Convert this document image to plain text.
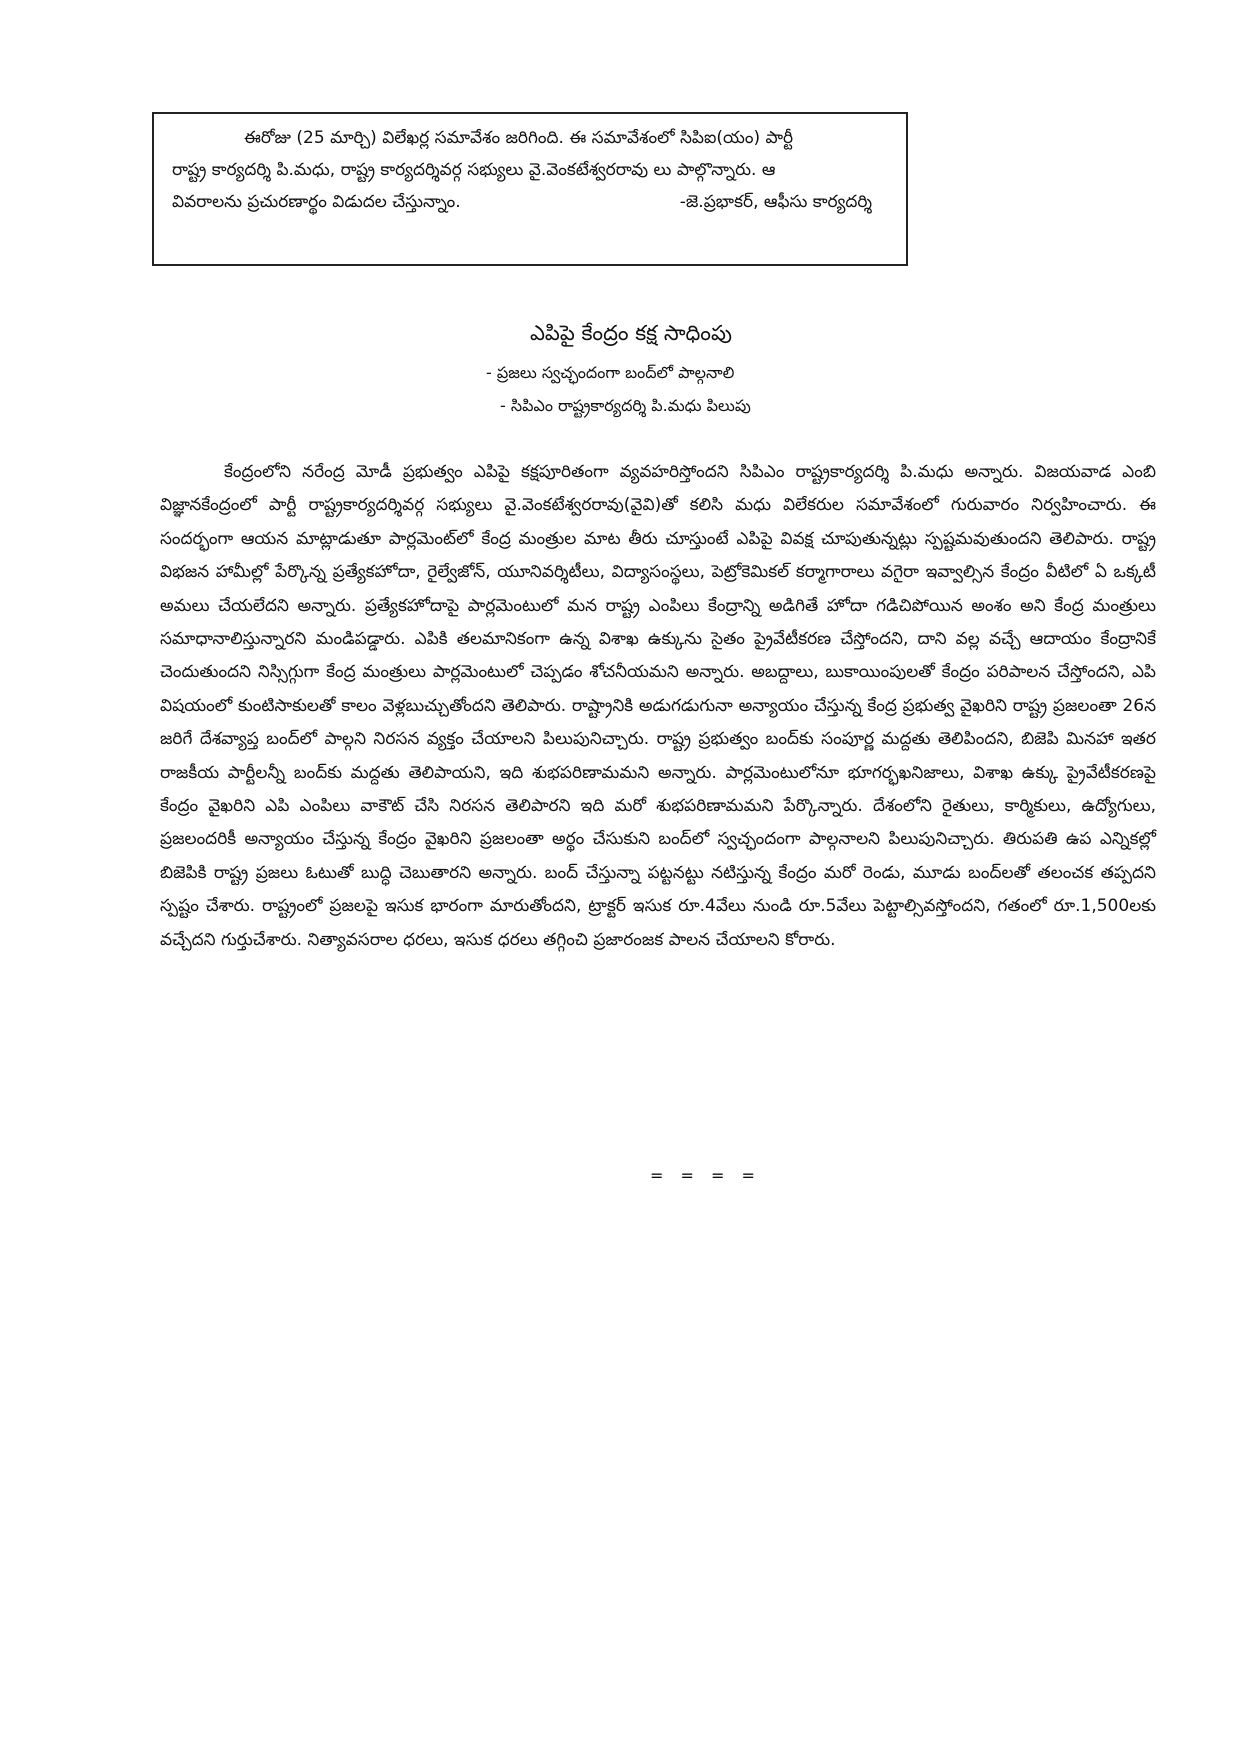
ఈరోజు (25 మార్చి) విలేఖర్ల సమావేశం జరిగింది. ఈ సమావేశంలో సిపిఐ(యం) పార్టీ

రాష్ట్ర కార్యదర్శి పి.మధు, రాష్ట్ర కార్యదర్శివర్గ సభ్యులు వై.వెంకటేశ్వరరావు లు పాల్గొన్నారు. ఆ

వివరాలను ప్రచురణార్థం విడుదల చేస్తున్నాం.	-జె.ప్రభాకర్, ఆఫీసు కార్యదర్శి

ఎపిపై కేంద్రం కక్ష సాధింపు
- ప్రజలు స్వచ్ఛందంగా బంద్‌లో పాల్గనాలి
- సిపిఎం రాష్ట్రకార్యదర్శి పి.మధు పిలుపు

కేంద్రంలోని నరేంద్ర మోడీ ప్రభుత్వం ఎపిపై కక్షపూరితంగా వ్యవహరిస్తోందని సిపిఎం రాష్ట్రకార్యదర్శి పి.మధు అన్నారు. విజయవాడ ఎంబి విజ్ఞానకేంద్రంలో పార్టీ రాష్ట్రకార్యదర్శివర్గ సభ్యులు వై.వెంకటేశ్వరరావు(వైవి)తో కలిసి మధు విలేకరుల సమావేశంలో గురువారం నిర్వహించారు. ఈ సందర్భంగా ఆయన మాట్లాడుతూ పార్లమెంట్‌లో కేంద్ర మంత్రుల మాట తీరు చూస్తుంటే ఎపిపై వివక్ష చూపుతున్నట్లు స్పష్టమవుతుందని తెలిపారు. రాష్ట్ర విభజన హామీల్లో పేర్కొన్న ప్రత్యేకహోదా, రైల్వేజోన్, యూనివర్శిటీలు, విద్యాసంస్థలు, పెట్రోకెమికల్ కర్మాగారాలు వగైరా ఇవ్వాల్సిన కేంద్రం వీటిలో ఏ ఒక్కటీ అమలు చేయలేదని అన్నారు. ప్రత్యేకహోదాపై పార్లమెంటులో మన రాష్ట్ర ఎంపిలు కేంద్రాన్ని అడిగితే హోదా గడిచిపోయిన అంశం అని కేంద్ర మంత్రులు సమాధానాలిస్తున్నారని మండిపడ్డారు. ఎపికి తలమానికంగా ఉన్న విశాఖ ఉక్కును సైతం ప్రైవేటీకరణ చేస్తోందని, దాని వల్ల వచ్చే ఆదాయం కేంద్రానికే చెందుతుందని నిస్సిగ్గుగా కేంద్ర మంత్రులు పార్లమెంటులో చెప్పడం శోచనీయమని అన్నారు. అబద్దాలు, బుకాయింపులతో కేంద్రం పరిపాలన చేస్తోందని, ఎపి విషయంలో కుంటిసాకులతో కాలం వెళ్లబుచ్చుతోందని తెలిపారు. రాష్ట్రానికి అడుగడుగునా అన్యాయం చేస్తున్న కేంద్ర ప్రభుత్వ వైఖరిని రాష్ట్ర ప్రజలంతా 26న జరిగే దేశవ్యాప్త బంద్‌లో పాల్గని నిరసన వ్యక్తం చేయాలని పిలుపునిచ్చారు. రాష్ట్ర ప్రభుత్వం బంద్‌కు సంపూర్ణ మద్దతు తెలిపిందని, బిజెపి మినహా ఇతర రాజకీయ పార్టీలన్నీ బంద్‌కు మద్దతు తెలిపాయని, ఇది శుభపరిణామమని అన్నారు. పార్లమెంటులోనూ భూగర్భఖనిజాలు, విశాఖ ఉక్కు ప్రైవేటీకరణపై కేంద్రం వైఖరిని ఎపి ఎంపిలు వాకౌట్ చేసి నిరసన తెలిపారని ఇది మరో శుభపరిణామమని పేర్కొన్నారు. దేశంలోని రైతులు, కార్మికులు, ఉద్యోగులు, ప్రజలందరికీ అన్యాయం చేస్తున్న కేంద్రం వైఖరిని ప్రజలంతా అర్థం చేసుకుని బంద్‌లో స్వచ్ఛందంగా పాల్గనాలని పిలుపునిచ్చారు. తిరుపతి ఉప ఎన్నికల్లో బిజెపికి రాష్ట్ర ప్రజలు ఓటుతో బుద్ధి చెబుతారని అన్నారు. బంద్ చేస్తున్నా పట్టనట్టు నటిస్తున్న కేంద్రం మరో రెండు, మూడు బంద్‌లతో తలంచక తప్పదని స్పష్టం చేశారు. రాష్ట్రంలో ప్రజలపై ఇసుక భారంగా మారుతోందని, ట్రాక్టర్ ఇసుక రూ.4వేలు నుండి రూ.5వేలు పెట్టాల్సివస్తోందని, గతంలో రూ.1,500లకు వచ్చేదని గుర్తుచేశారు. నిత్యావసరాల ధరలు, ఇసుక ధరలు తగ్గించి ప్రజారంజక పాలన చేయాలని కోరారు.

= = = =
